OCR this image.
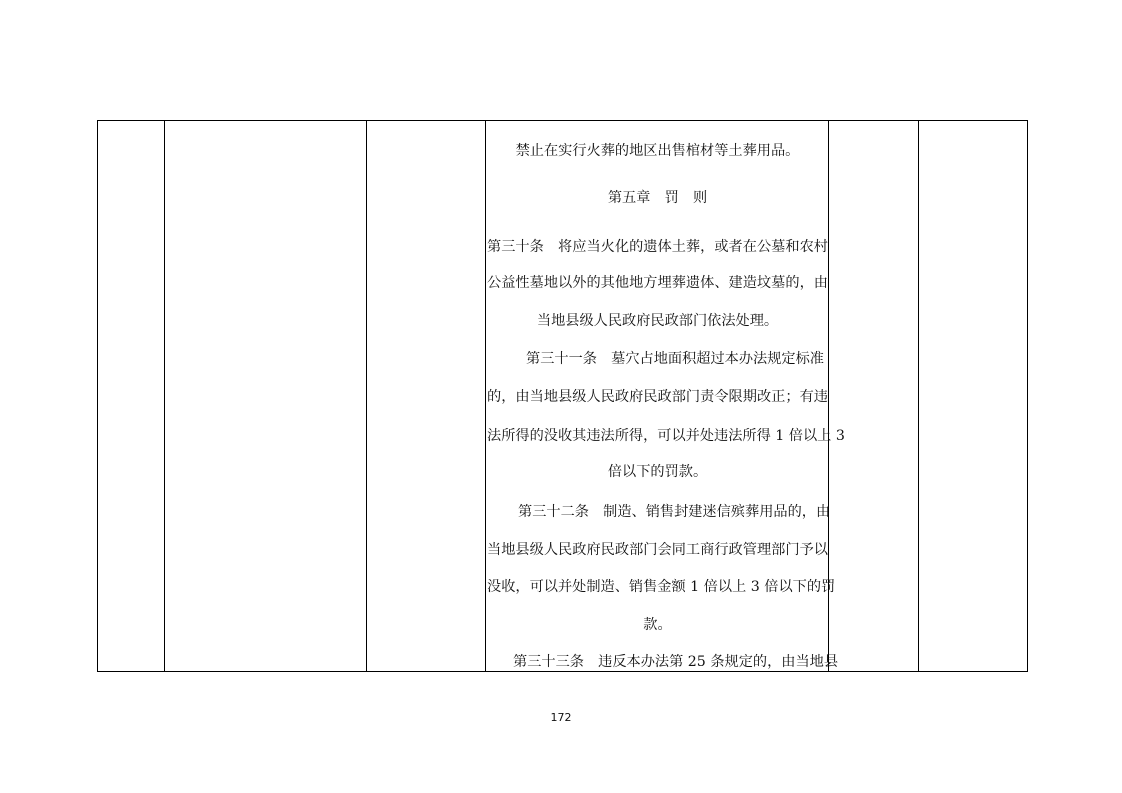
禁止在实行火葬的地区出售棺材等土葬用品。
第五章　罚　则
第三十条　将应当火化的遗体土葬，或者在公墓和农村
公益性墓地以外的其他地方埋葬遗体、建造坟墓的，由
当地县级人民政府民政部门依法处理。
第三十一条　墓穴占地面积超过本办法规定标准
的，由当地县级人民政府民政部门责令限期改正；有违
法所得的没收其违法所得，可以并处违法所得 1 倍以上 3
倍以下的罚款。
第三十二条　制造、销售封建迷信殡葬用品的，由
当地县级人民政府民政部门会同工商行政管理部门予以
没收，可以并处制造、销售金额 1 倍以上 3 倍以下的罚
款。
第三十三条　违反本办法第 25 条规定的，由当地县
172
